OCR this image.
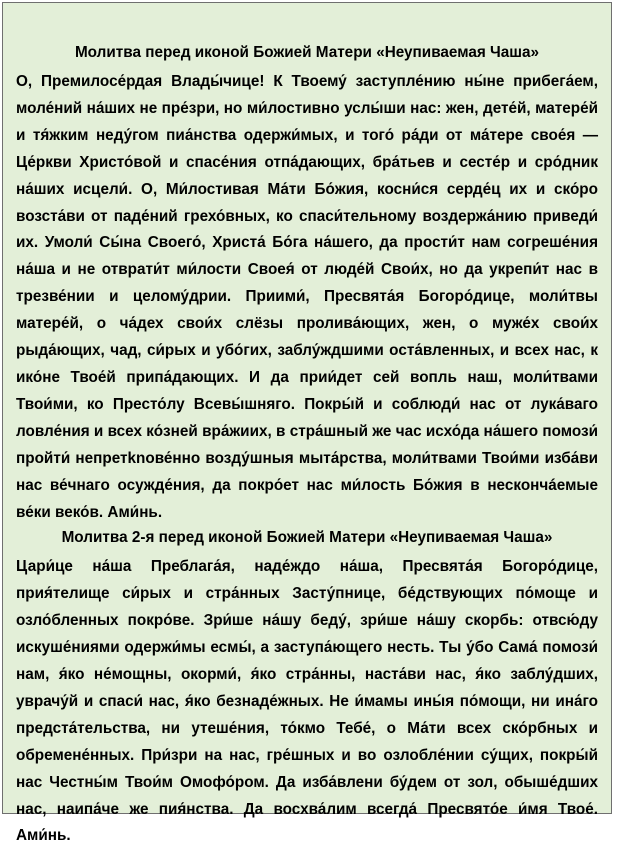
Молитва перед иконой Божией Матери «Неупиваемая Чаша»

О, Премилосе́рдая Влады́чице! К Твоему́ заступле́нию ны́не прибега́ем, моле́ний на́ших не пре́зри, но ми́лостивно услы́ши нас: жен, дете́й, матере́й и тя́жким неду́гом пиа́нства одержи́мых, и того́ ра́ди от ма́тере свое́я — Це́ркви Христо́вой и спасе́ния отпа́дающих, бра́тьев и сесте́р и сро́дник на́ших исцели́. О, Ми́лостивая Ма́ти Бо́жия, косни́ся серде́ц их и ско́ро возста́ви от паде́ний грехо́вных, ко спаси́тельному воздержа́нию приведи́ их. Умоли́ Сы́на Своего́, Христа́ Бо́га на́шего, да прости́т нам согреше́ния на́ша и не отврати́т ми́лости Своея́ от люде́й Свои́х, но да укрепи́т нас в трезве́нии и целому́дрии. Приими́, Пресвята́я Богоро́дице, моли́твы матере́й, о ча́дех свои́х слёзы пролива́ющих, жен, о муже́х свои́х рыда́ющих, чад, си́рых и убо́гих, заблу́ждшими оста́вленных, и всех нас, к ико́не Твое́й припа́дающих. И да прии́дет сей вопль наш, моли́твами Твои́ми, ко Престо́лу Всевы́шняго. Покры́й и соблюди́ нас от лука́ваго ловле́ния и всех ко́зней вра́жиих, в стра́шный же час исхо́да на́шего помози́ пройти́ непретknове́нно возду́шныя мыта́рства, моли́твами Твои́ми изба́ви нас ве́чнаго осужде́ния, да покро́ет нас ми́лость Бо́жия в нескончáемые ве́ки веко́в. Ами́нь.

Молитва 2-я перед иконой Божией Матери «Неупиваемая Чаша»

Цари́це на́ша Преблага́я, наде́ждо на́ша, Пресвята́я Богоро́дице, прия́телище си́рых и стра́нных Засту́пнице, бе́дствующих по́моще и озло́бленных покро́ве. Зри́ше на́шу беду́, зри́ше на́шу скорбь: отвсю́ду искуше́ниями одержи́мы есмы́, а заступа́ющего несть. Ты у́бо Сама́ помози́ нам, я́ко не́мощны, окорми́, я́ко стра́нны, наста́ви нас, я́ко заблу́дших, уврачу́й и спаси́ нас, я́ко безнаде́жных. Не и́мамы ины́я по́мощи, ни ина́го предста́тельства, ни утеше́ния, то́кмо Тебе́, о Ма́ти всех ско́рбных и обремене́нных. При́зри на нас, гре́шных и во озлобле́нии су́щих, покры́й нас Честны́м Твои́м Омофо́ром. Да изба́влени бу́дем от зол, обыше́дших нас, наипа́че же пия́нства. Да восхва́лим всегда́ Пресвято́е и́мя Твое́. Ами́нь.
